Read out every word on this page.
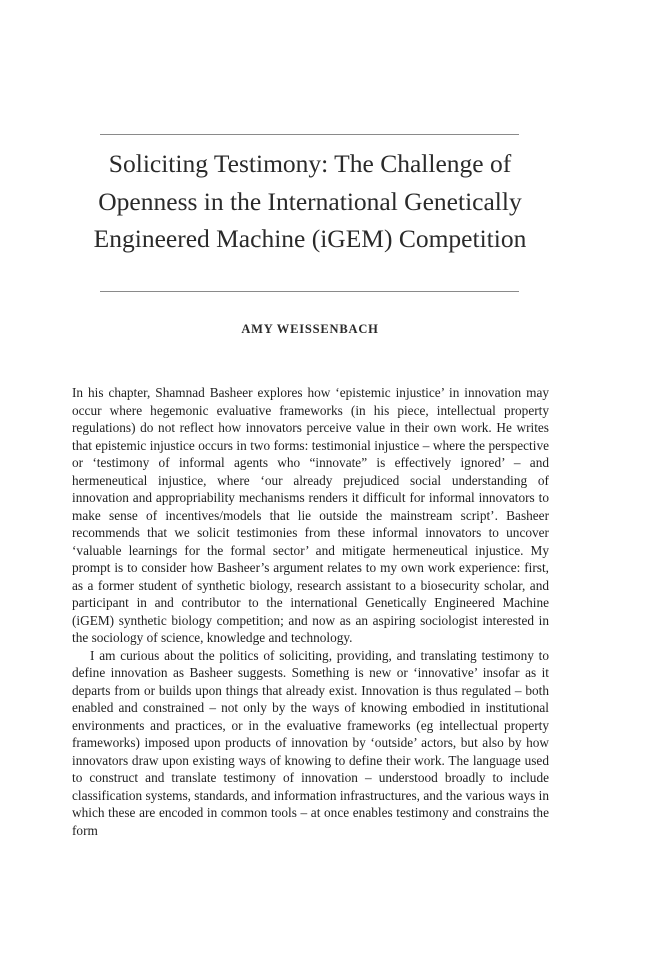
Soliciting Testimony: The Challenge of Openness in the International Genetically Engineered Machine (iGEM) Competition
AMY WEISSENBACH

In his chapter, Shamnad Basheer explores how ‘epistemic injustice’ in innovation may occur where hegemonic evaluative frameworks (in his piece, intellectual property regulations) do not reflect how innovators perceive value in their own work. He writes that epistemic injustice occurs in two forms: testimonial injustice – where the perspective or ‘testimony of informal agents who “innovate” is effectively ignored’ – and hermeneutical injustice, where ‘our already prejudiced social understanding of innovation and appropriability mechanisms renders it difficult for informal innovators to make sense of incentives/models that lie outside the mainstream script’. Basheer recommends that we solicit testimonies from these informal innovators to uncover ‘valuable learnings for the formal sector’ and mitigate hermeneutical injustice. My prompt is to consider how Basheer’s argument relates to my own work experience: first, as a former student of synthetic biology, research assistant to a biosecurity scholar, and participant in and contributor to the international Genetically Engineered Machine (iGEM) synthetic biology competition; and now as an aspiring sociologist interested in the sociology of science, knowledge and technology.

I am curious about the politics of soliciting, providing, and translating testimony to define innovation as Basheer suggests. Something is new or ‘innovative’ insofar as it departs from or builds upon things that already exist. Innovation is thus regulated – both enabled and constrained – not only by the ways of knowing embodied in institutional environments and practices, or in the evaluative frameworks (eg intellectual property frameworks) imposed upon products of innovation by ‘outside’ actors, but also by how innovators draw upon existing ways of knowing to define their work. The language used to construct and translate testimony of innovation – understood broadly to include classification systems, standards, and information infrastructures, and the various ways in which these are encoded in common tools – at once enables testimony and constrains the form
